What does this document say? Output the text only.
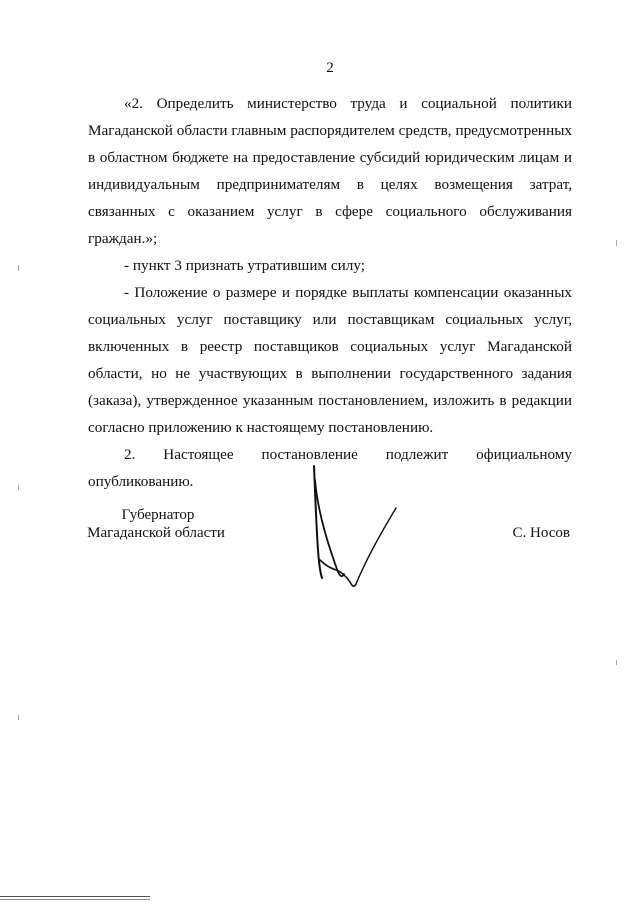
2

«2. Определить министерство труда и социальной политики Магаданской области главным распорядителем средств, предусмотренных в областном бюджете на предоставление субсидий юридическим лицам и индивидуальным предпринимателям в целях возмещения затрат, связанных с оказанием услуг в сфере социального обслуживания граждан.»;

- пункт 3 признать утратившим силу;

- Положение о размере и порядке выплаты компенсации оказанных социальных услуг поставщику или поставщикам социальных услуг, включенных в реестр поставщиков социальных услуг Магаданской области, но не участвующих в выполнении государственного задания (заказа), утвержденное указанным постановлением, изложить в редакции согласно приложению к настоящему постановлению.

2. Настоящее постановление подлежит официальному опубликованию.

Губернатор
Магаданской области	С. Носов
